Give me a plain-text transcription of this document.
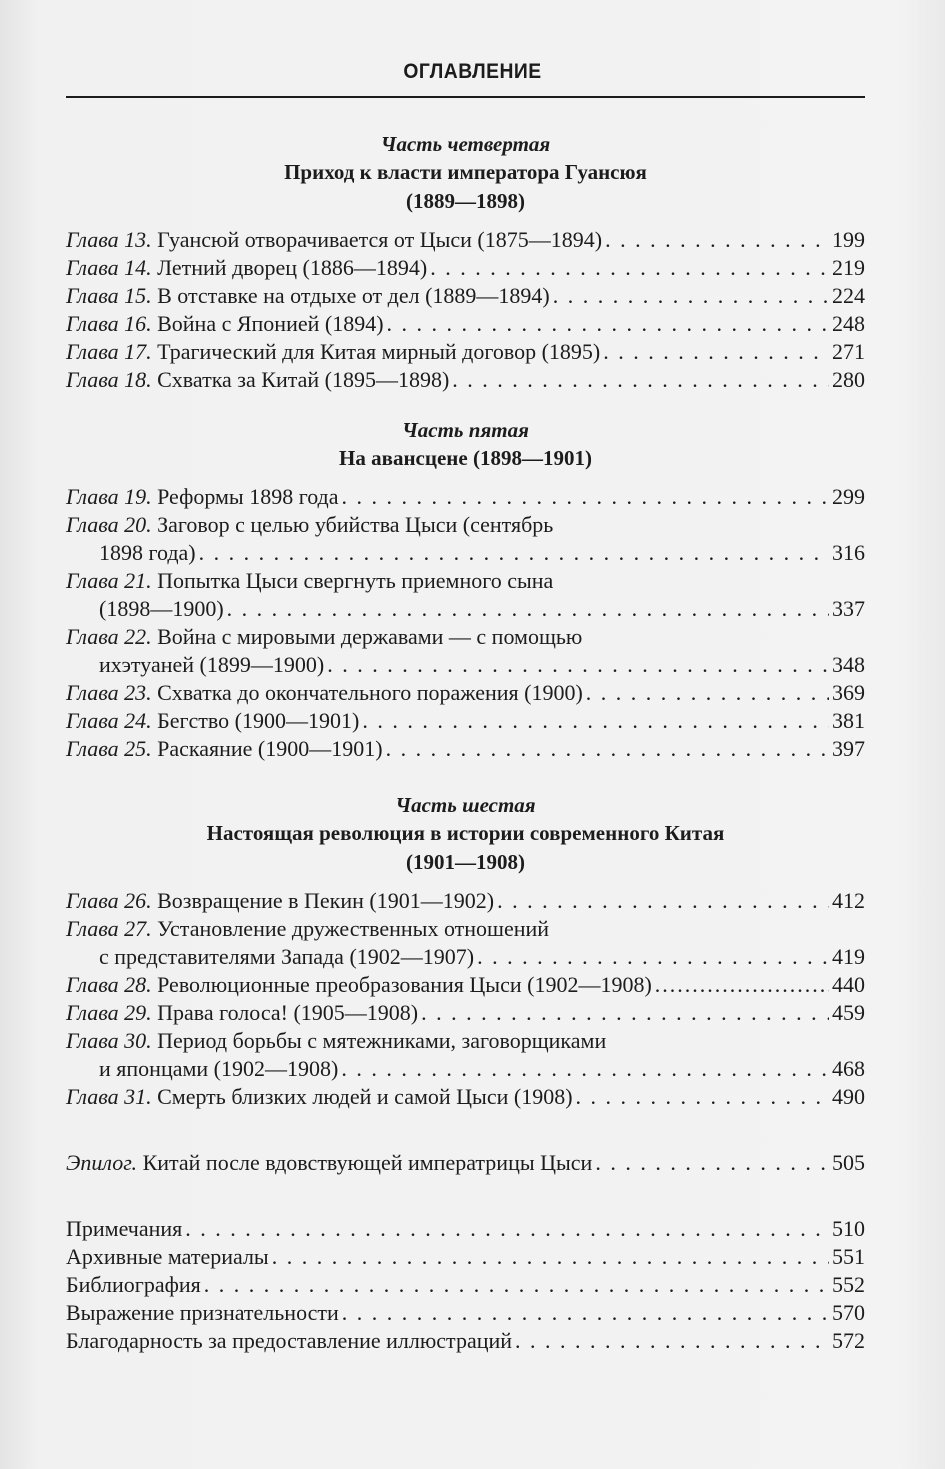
ОГЛАВЛЕНИЕ
Часть четвертая
Приход к власти императора Гуансюя
(1889—1898)
Глава 13.
Гуансюй отворачивается от Цыси (1875—1894) . . .	199
Глава 14.
Летний дворец (1886—1894) . . .	219
Глава 15.
В отставке на отдыхе от дел (1889—1894) . . .	224
Глава 16.
Война с Японией (1894) . . .	248
Глава 17.
Трагический для Китая мирный договор (1895) . . .	271
Глава 18.
Схватка за Китай (1895—1898) . . .	280
Часть пятая
На авансцене (1898—1901)
Глава 19.
Реформы 1898 года . . .	299
Глава 20.
Заговор с целью убийства Цыси (сентябрь
1898 года) . . .	316
Глава 21.
Попытка Цыси свергнуть приемного сына
(1898—1900) . . .	337
Глава 22.
Война с мировыми державами — с помощью
ихэтуаней (1899—1900) . . .	348
Глава 23.
Схватка до окончательного поражения (1900) . . .	369
Глава 24.
Бегство (1900—1901) . . .	381
Глава 25.
Раскаяние (1900—1901) . . .	397
Часть шестая
Настоящая революция в истории современного Китая
(1901—1908)
Глава 26.
Возвращение в Пекин (1901—1902) . . .	412
Глава 27.
Установление дружественных отношений
с представителями Запада (1902—1907) . . .	419
Глава 28.
Революционные преобразования Цыси (1902—1908) .....	440
Глава 29.
Права голоса! (1905—1908) . . .	459
Глава 30.
Период борьбы с мятежниками, заговорщиками
и японцами (1902—1908) . . .	468
Глава 31.
Смерть близких людей и самой Цыси (1908) . . .	490
Эпилог.
Китай после вдовствующей императрицы Цыси . . .	505
Примечания . . .	510
Архивные материалы . . .	551
Библиография . . .	552
Выражение признательности . . .	570
Благодарность за предоставление иллюстраций . . .	572
